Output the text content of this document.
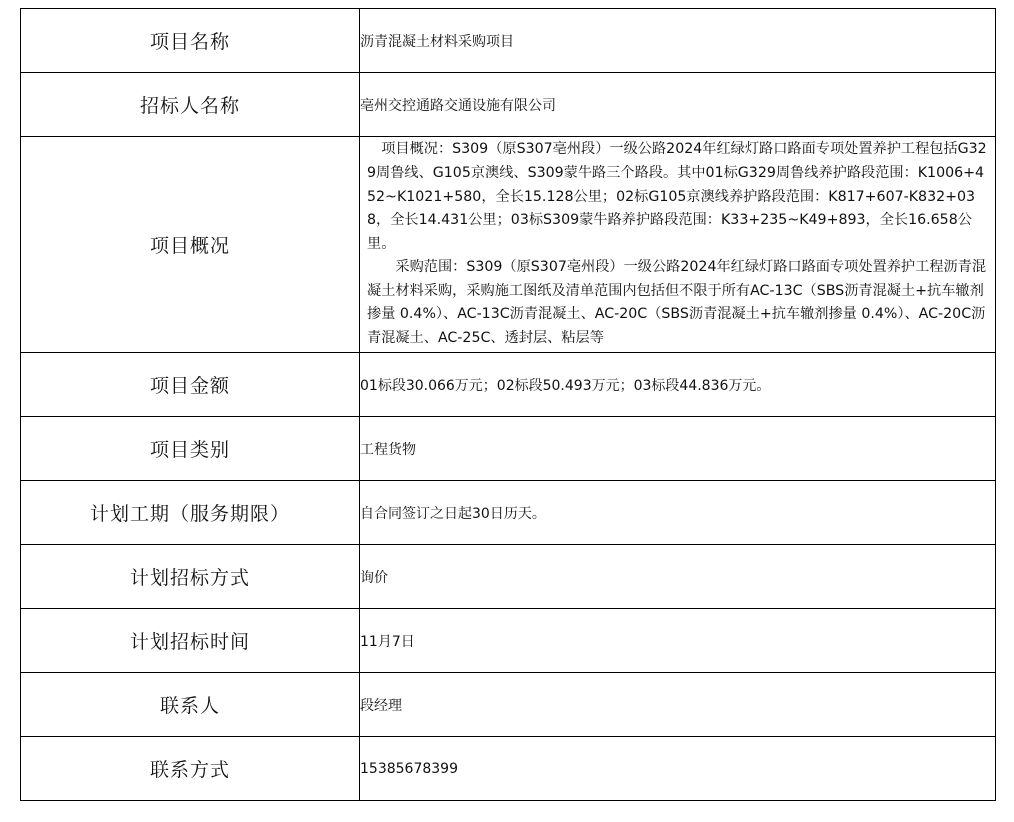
项目名称	沥青混凝土材料采购项目
招标人名称	亳州交控通路交通设施有限公司
项目概况	项目概况：S309（原S307亳州段）一级公路2024年红绿灯路口路面专项处置养护工程包括G329周鲁线、G105京澳线、S309蒙牛路三个路段。其中01标G329周鲁线养护路段范围：K1006+452~K1021+580，全长15.128公里；02标G105京澳线养护路段范围：K817+607-K832+038，全长14.431公里；03标S309蒙牛路养护路段范围：K33+235~K49+893，全长16.658公里。

采购范围：S309（原S307亳州段）一级公路2024年红绿灯路口路面专项处置养护工程沥青混凝土材料采购，采购施工图纸及清单范围内包括但不限于所有AC-13C（SBS沥青混凝土+抗车辙剂掺量 0.4%）、AC-13C沥青混凝土、AC-20C（SBS沥青混凝土+抗车辙剂掺量 0.4%）、AC-20C沥青混凝土、AC-25C、透封层、粘层等

项目金额	01标段30.066万元；02标段50.493万元；03标段44.836万元。
项目类别	工程货物
计划工期（服务期限）	自合同签订之日起30日历天。
计划招标方式	询价
计划招标时间	11月7日
联系人	段经理
联系方式	15385678399
